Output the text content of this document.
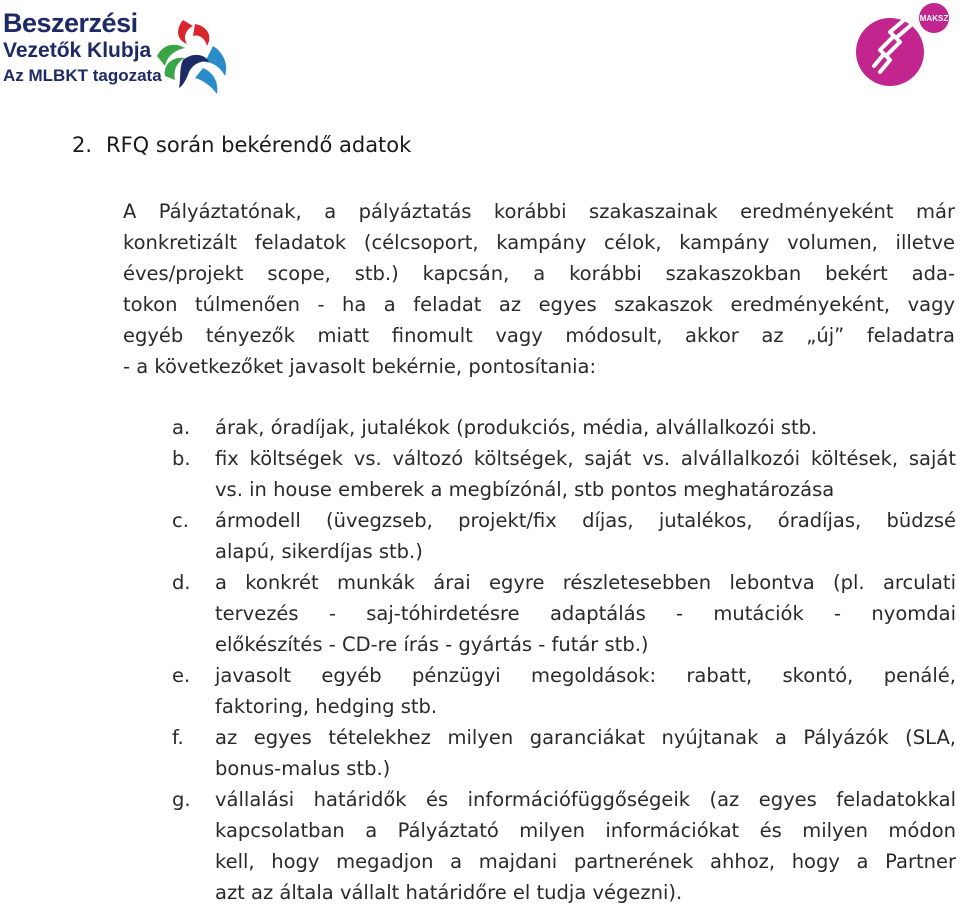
Beszerzési
Vezetők Klubja
Az MLBKT tagozata
MAKSZ
2. RFQ során bekérendő adatok

A Pályáztatónak, a pályáztatás korábbi szakaszainak eredményeként már
konkretizált feladatok (célcsoport, kampány célok, kampány volumen, illetve
éves/projekt scope, stb.) kapcsán, a korábbi szakaszokban bekért ada-
tokon túlmenően - ha a feladat az egyes szakaszok eredményeként, vagy
egyéb tényezők miatt finomult vagy módosult, akkor az „új” feladatra
- a következőket javasolt bekérnie, pontosítania:

a. árak, óradíjak, jutalékok (produkciós, média, alvállalkozói stb.
b. fix költségek vs. változó költségek, saját vs. alvállalkozói költések, saját
vs. in house emberek a megbízónál, stb pontos meghatározása
c. ármodell (üvegzseb, projekt/fix díjas, jutalékos, óradíjas, büdzsé
alapú, sikerdíjas stb.)
d. a konkrét munkák árai egyre részletesebben lebontva (pl. arculati
tervezés - saj-tóhirdetésre adaptálás - mutációk - nyomdai
előkészítés - CD-re írás - gyártás - futár stb.)
e. javasolt egyéb pénzügyi megoldások: rabatt, skontó, penálé,
faktoring, hedging stb.
f. az egyes tételekhez milyen garanciákat nyújtanak a Pályázók (SLA,
bonus-malus stb.)
g. vállalási határidők és információfüggőségeik (az egyes feladatokkal
kapcsolatban a Pályáztató milyen információkat és milyen módon
kell, hogy megadjon a majdani partnerének ahhoz, hogy a Partner
azt az általa vállalt határidőre el tudja végezni).
